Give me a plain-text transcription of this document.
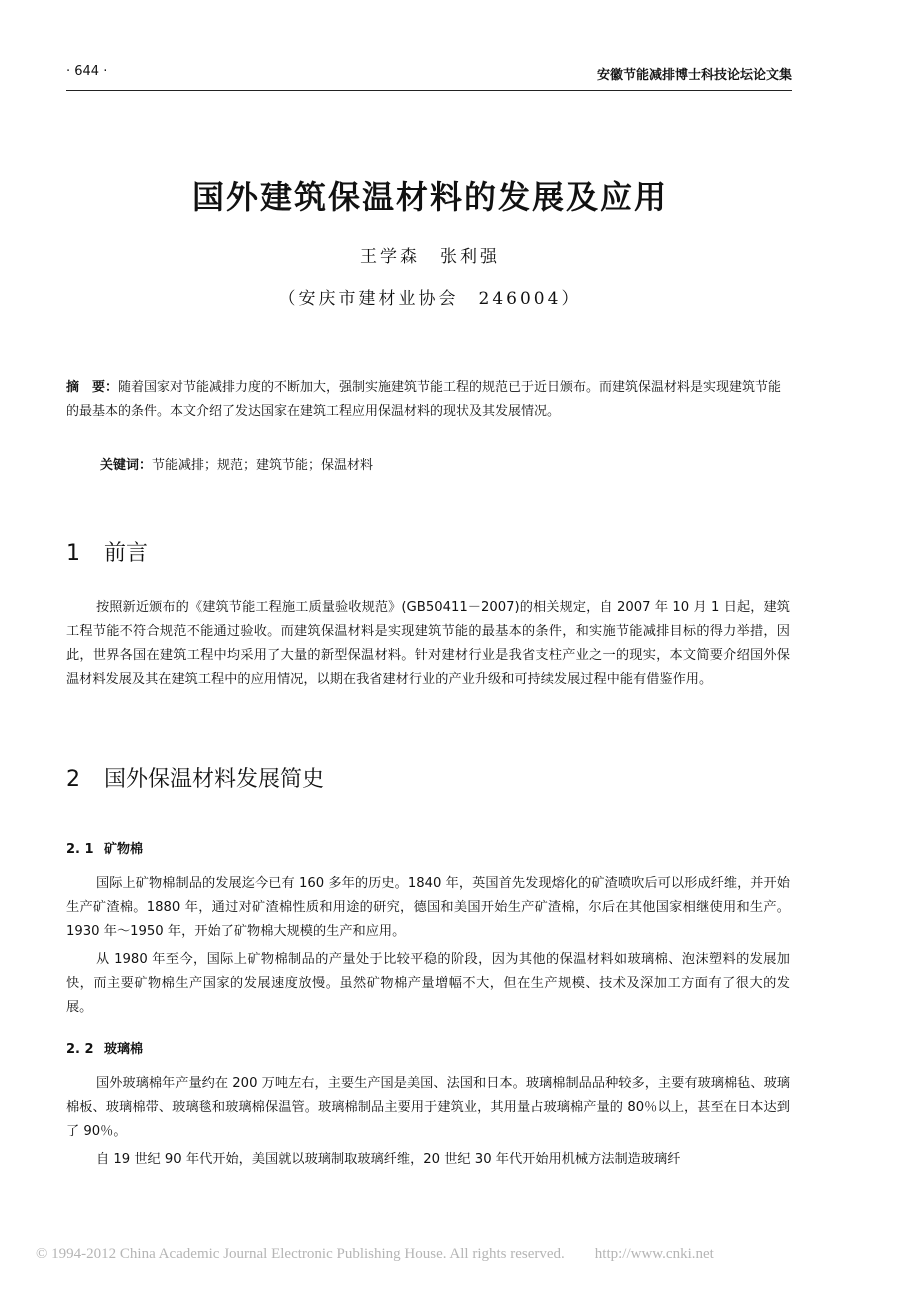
· 644 ·	安徽节能减排博士科技论坛论文集
国外建筑保温材料的发展及应用
王学森　张利强
（安庆市建材业协会　246004）
摘　要：随着国家对节能减排力度的不断加大，强制实施建筑节能工程的规范已于近日颁布。而建筑保温材料是实现建筑节能的最基本的条件。本文介绍了发达国家在建筑工程应用保温材料的现状及其发展情况。
关键词：节能减排；规范；建筑节能；保温材料
1 前言
按照新近颁布的《建筑节能工程施工质量验收规范》(GB50411－2007)的相关规定，自 2007 年 10 月 1 日起，建筑工程节能不符合规范不能通过验收。而建筑保温材料是实现建筑节能的最基本的条件，和实施节能减排目标的得力举措，因此，世界各国在建筑工程中均采用了大量的新型保温材料。针对建材行业是我省支柱产业之一的现实，本文简要介绍国外保温材料发展及其在建筑工程中的应用情况，以期在我省建材行业的产业升级和可持续发展过程中能有借鉴作用。
2 国外保温材料发展简史
2. 1 矿物棉
国际上矿物棉制品的发展迄今已有 160 多年的历史。1840 年，英国首先发现熔化的矿渣喷吹后可以形成纤维，并开始生产矿渣棉。1880 年，通过对矿渣棉性质和用途的研究，德国和美国开始生产矿渣棉，尔后在其他国家相继使用和生产。1930 年～1950 年，开始了矿物棉大规模的生产和应用。
从 1980 年至今，国际上矿物棉制品的产量处于比较平稳的阶段，因为其他的保温材料如玻璃棉、泡沫塑料的发展加快，而主要矿物棉生产国家的发展速度放慢。虽然矿物棉产量增幅不大，但在生产规模、技术及深加工方面有了很大的发展。
2. 2 玻璃棉
国外玻璃棉年产量约在 200 万吨左右，主要生产国是美国、法国和日本。玻璃棉制品品种较多，主要有玻璃棉毡、玻璃棉板、玻璃棉带、玻璃毯和玻璃棉保温管。玻璃棉制品主要用于建筑业，其用量占玻璃棉产量的 80％以上，甚至在日本达到了 90％。
自 19 世纪 90 年代开始，美国就以玻璃制取玻璃纤维，20 世纪 30 年代开始用机械方法制造玻璃纤
© 1994-2012 China Academic Journal Electronic Publishing House. All rights reserved.　　http://www.cnki.net
